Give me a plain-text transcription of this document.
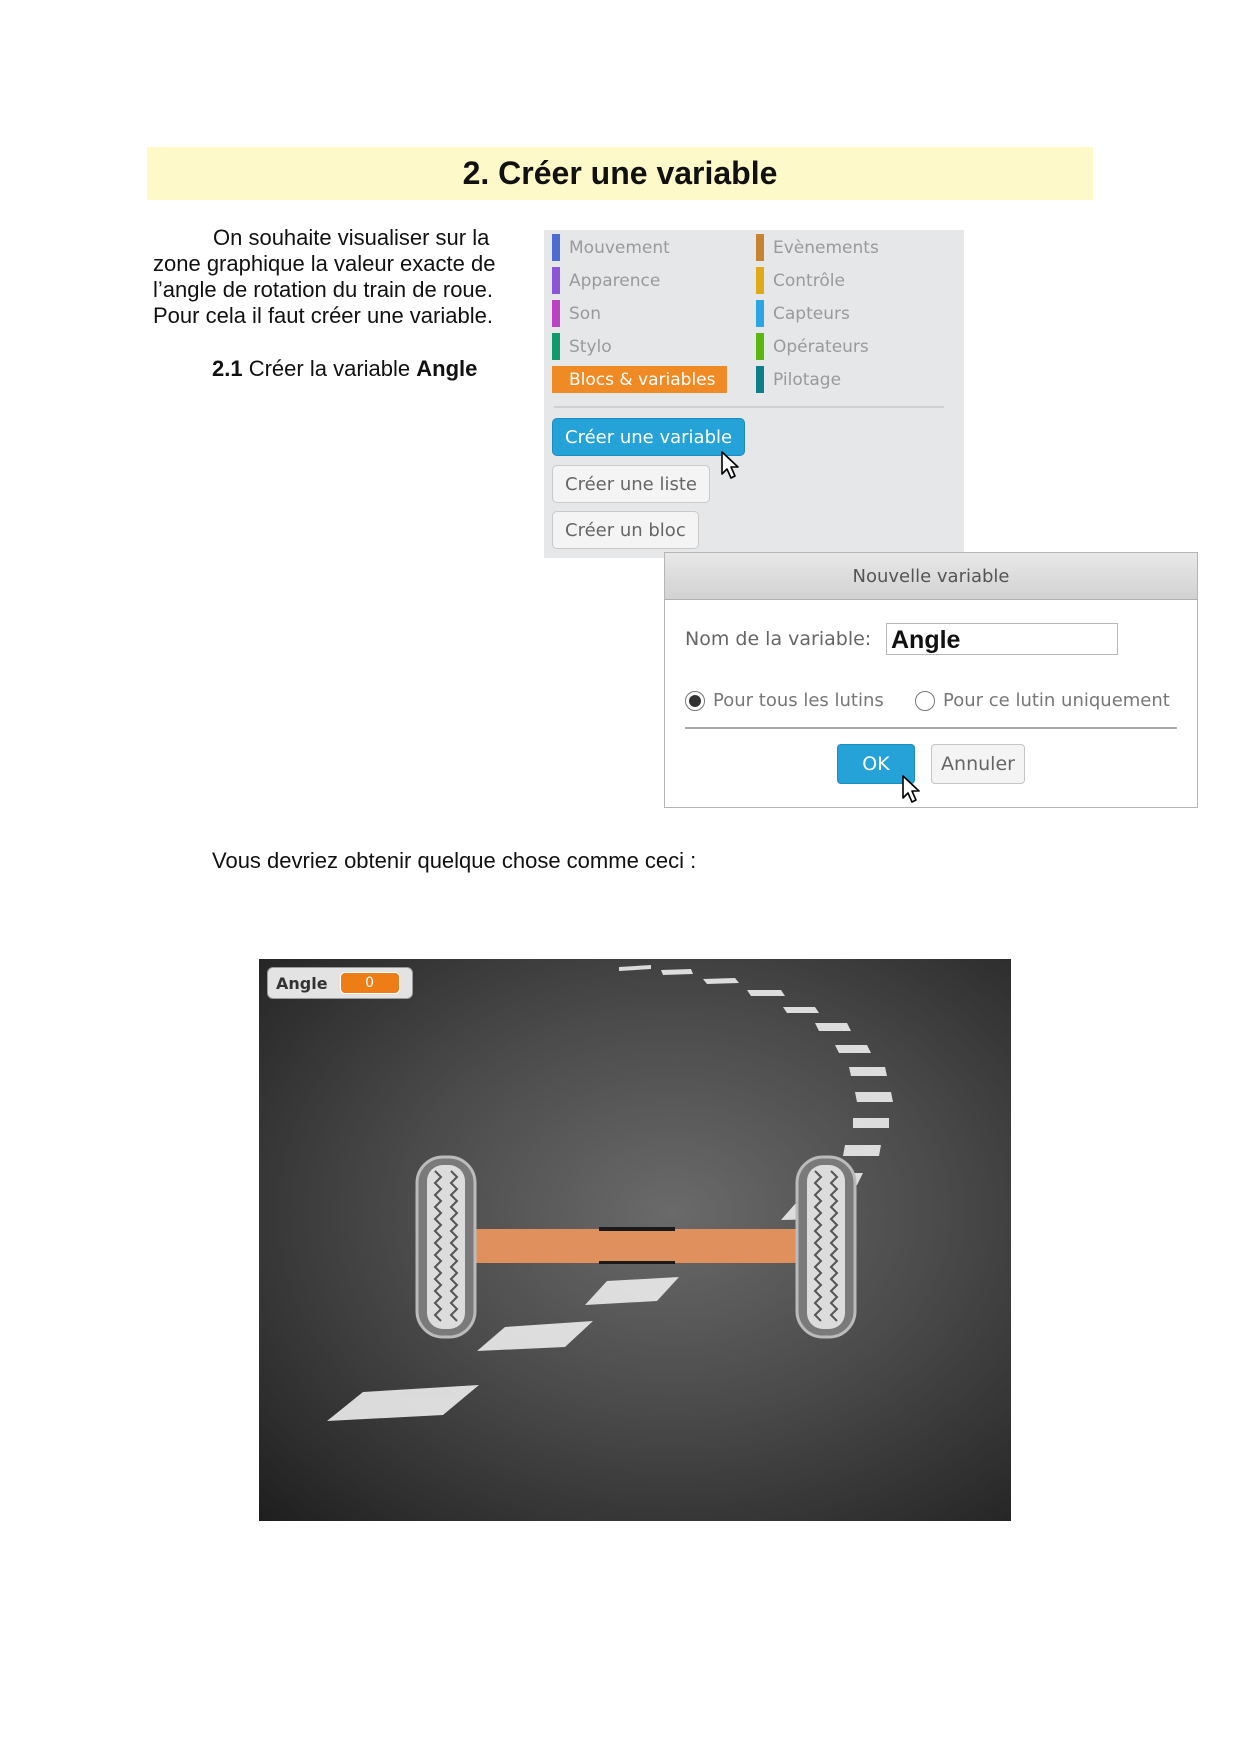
2. Créer une variable

On souhaite visualiser sur la

zone graphique la valeur exacte de

l’angle de rotation du train de roue.

Pour cela il faut créer une variable.

2.1 Créer la variable Angle
Mouvement
Apparence
Son
Stylo
Blocs & variables
Evènements
Contrôle
Capteurs
Opérateurs
Pilotage
Créer une variable
Créer une liste
Créer un bloc
Nouvelle variable
Nom de la variable: Angle
Pour tous les lutins	Pour ce lutin uniquement
OK	Annuler
Vous devriez obtenir quelque chose comme ceci :
Angle	0
